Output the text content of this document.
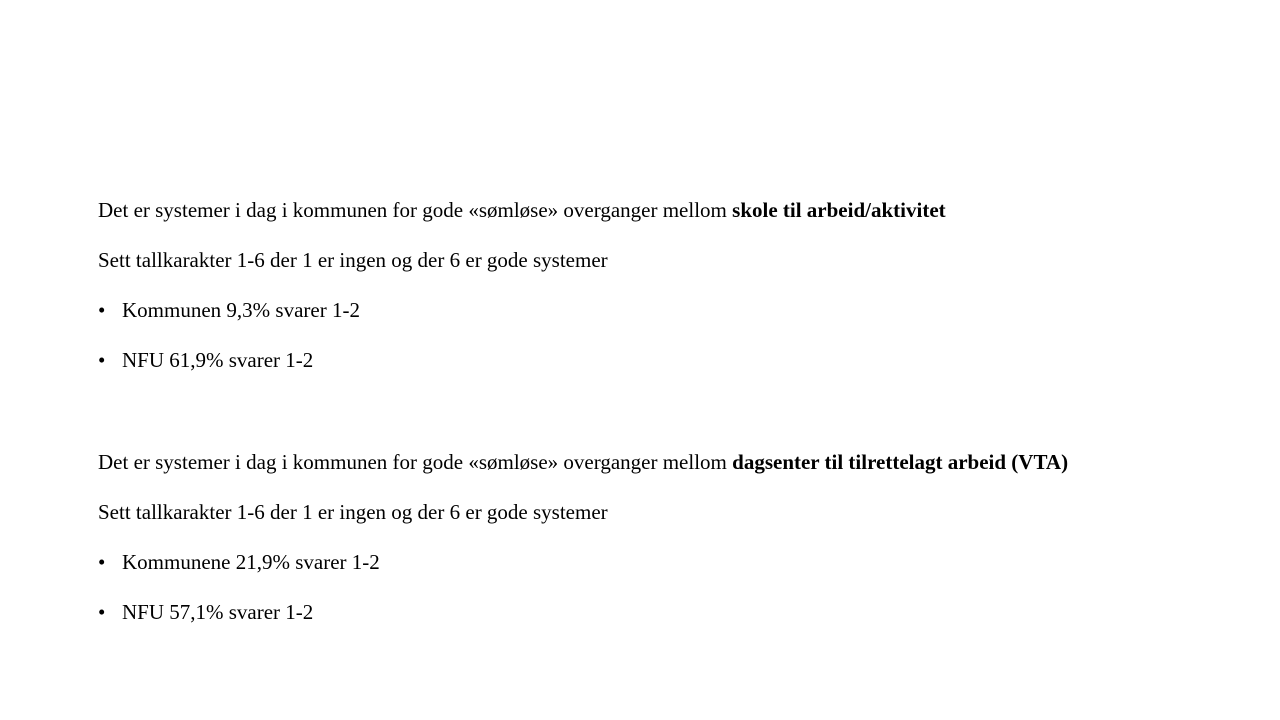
Det er systemer i dag i kommunen for gode «sømløse» overganger mellom skole til arbeid/aktivitet
Sett tallkarakter 1-6 der 1 er ingen og der 6 er gode systemer
• Kommunen 9,3% svarer 1-2
• NFU 61,9% svarer 1-2
Det er systemer i dag i kommunen for gode «sømløse» overganger mellom dagsenter til tilrettelagt arbeid (VTA)
Sett tallkarakter 1-6 der 1 er ingen og der 6 er gode systemer
• Kommunene 21,9% svarer 1-2
• NFU 57,1% svarer 1-2
